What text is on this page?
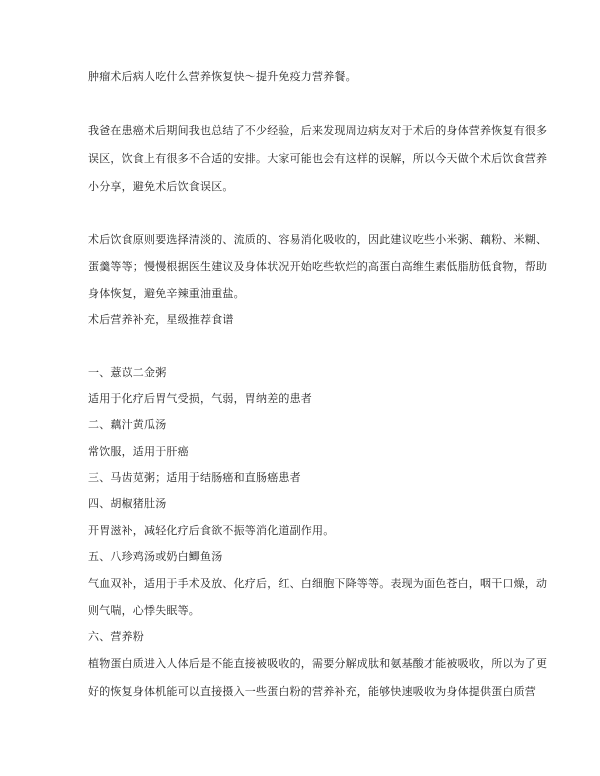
肿瘤术后病人吃什么营养恢复快～提升免疫力营养餐。
我爸在患癌术后期间我也总结了不少经验，后来发现周边病友对于术后的身体营养恢复有很多
误区，饮食上有很多不合适的安排。大家可能也会有这样的误解，所以今天做个术后饮食营养
小分享，避免术后饮食误区。
术后饮食原则要选择清淡的、流质的、容易消化吸收的，因此建议吃些小米粥、藕粉、米糊、
蛋羹等等；慢慢根据医生建议及身体状况开始吃些软烂的高蛋白高维生素低脂肪低食物，帮助
身体恢复，避免辛辣重油重盐。
术后营养补充，星级推荐食谱
一、薏苡二金粥
适用于化疗后胃气受损，气弱，胃纳差的患者
二、藕汁黄瓜汤
常饮服，适用于肝癌
三、马齿苋粥；适用于结肠癌和直肠癌患者
四、胡椒猪肚汤
开胃滋补，减轻化疗后食欲不振等消化道副作用。
五、八珍鸡汤或奶白鲫鱼汤
气血双补，适用于手术及放、化疗后，红、白细胞下降等等。表现为面色苍白，咽干口燥，动
则气喘，心悸失眠等。
六、营养粉
植物蛋白质进入人体后是不能直接被吸收的，需要分解成肽和氨基酸才能被吸收，所以为了更
好的恢复身体机能可以直接摄入一些蛋白粉的营养补充，能够快速吸收为身体提供蛋白质营
